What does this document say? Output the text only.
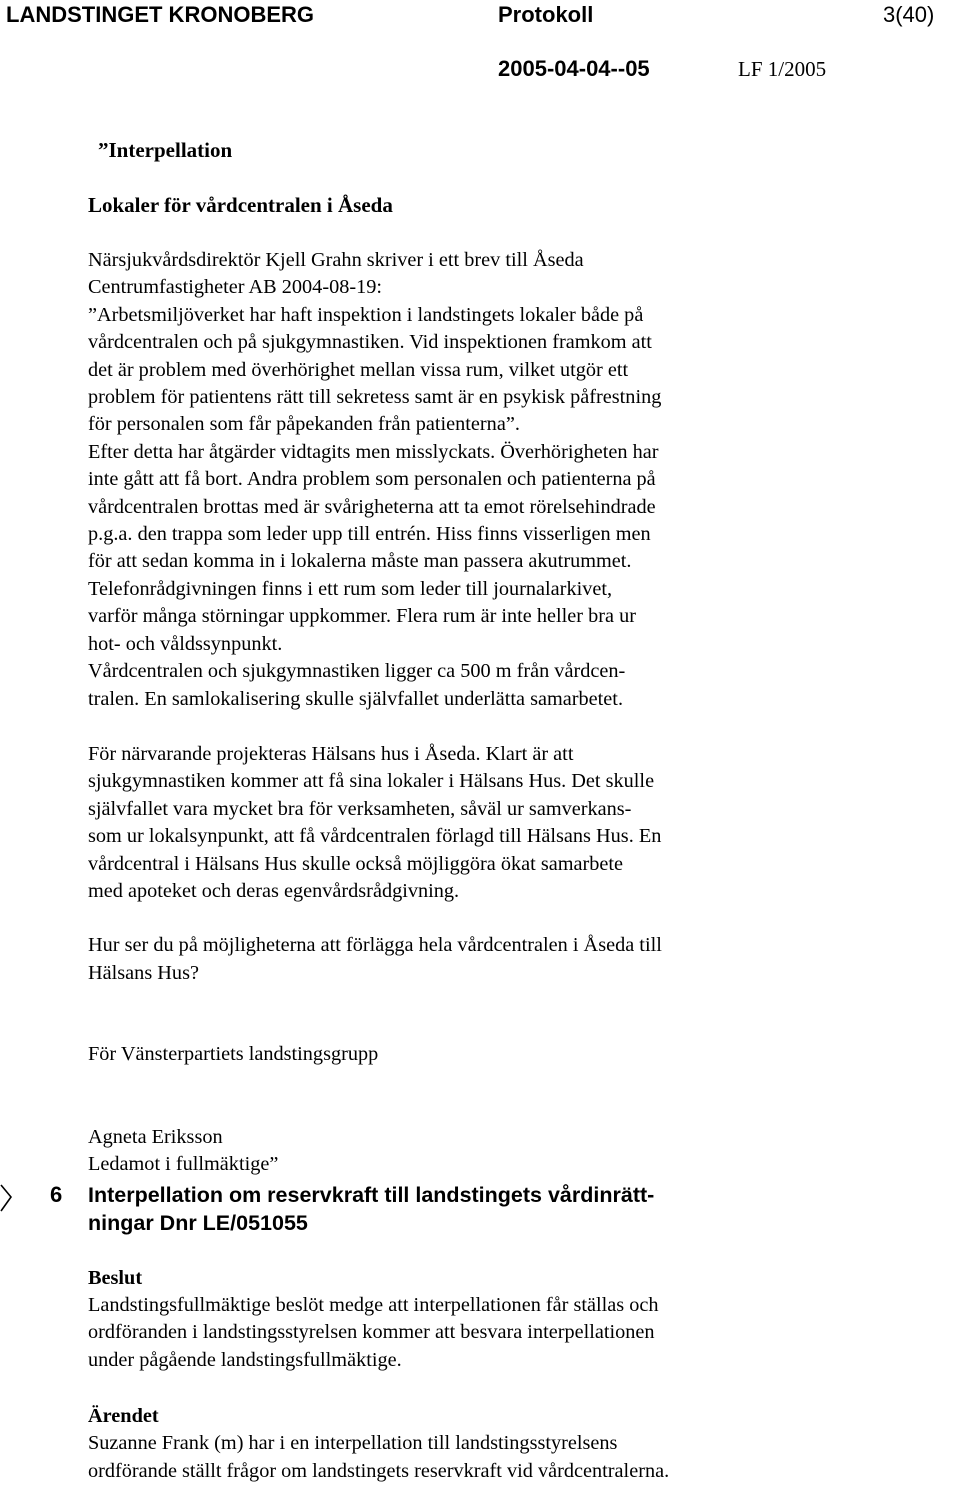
LANDSTINGET KRONOBERG	Protokoll	3(40)
2005-04-04--05	LF 1/2005
”Interpellation
Lokaler för vårdcentralen i Åseda
Närsjukvårdsdirektör Kjell Grahn skriver i ett brev till Åseda
Centrumfastigheter AB 2004-08-19:
”Arbetsmiljöverket har haft inspektion i landstingets lokaler både på
vårdcentralen och på sjukgymnastiken. Vid inspektionen framkom att
det är problem med överhörighet mellan vissa rum, vilket utgör ett
problem för patientens rätt till sekretess samt är en psykisk påfrestning
för personalen som får påpekanden från patienterna”.
Efter detta har åtgärder vidtagits men misslyckats. Överhörigheten har
inte gått att få bort. Andra problem som personalen och patienterna på
vårdcentralen brottas med är svårigheterna att ta emot rörelsehindrade
p.g.a. den trappa som leder upp till entrén. Hiss finns visserligen men
för att sedan komma in i lokalerna måste man passera akutrummet.
Telefonrådgivningen finns i ett rum som leder till journalarkivet,
varför många störningar uppkommer. Flera rum är inte heller bra ur
hot- och våldssynpunkt.
Vårdcentralen och sjukgymnastiken ligger ca 500 m från vårdcen-
tralen. En samlokalisering skulle självfallet underlätta samarbetet.
För närvarande projekteras Hälsans hus i Åseda. Klart är att
sjukgymnastiken kommer att få sina lokaler i Hälsans Hus. Det skulle
självfallet vara mycket bra för verksamheten, såväl ur samverkans-
som ur lokalsynpunkt, att få vårdcentralen förlagd till Hälsans Hus. En
vårdcentral i Hälsans Hus skulle också möjliggöra ökat samarbete
med apoteket och deras egenvårdsrådgivning.
Hur ser du på möjligheterna att förlägga hela vårdcentralen i Åseda till
Hälsans Hus?
För Vänsterpartiets landstingsgrupp
Agneta Eriksson
Ledamot i fullmäktige”
6 Interpellation om reservkraft till landstingets vårdinrätt-
ningar Dnr LE/051055
Beslut
Landstingsfullmäktige beslöt medge att interpellationen får ställas och
ordföranden i landstingsstyrelsen kommer att besvara interpellationen
under pågående landstingsfullmäktige.
Ärendet
Suzanne Frank (m) har i en interpellation till landstingsstyrelsens
ordförande ställt frågor om landstingets reservkraft vid vårdcentralerna.
